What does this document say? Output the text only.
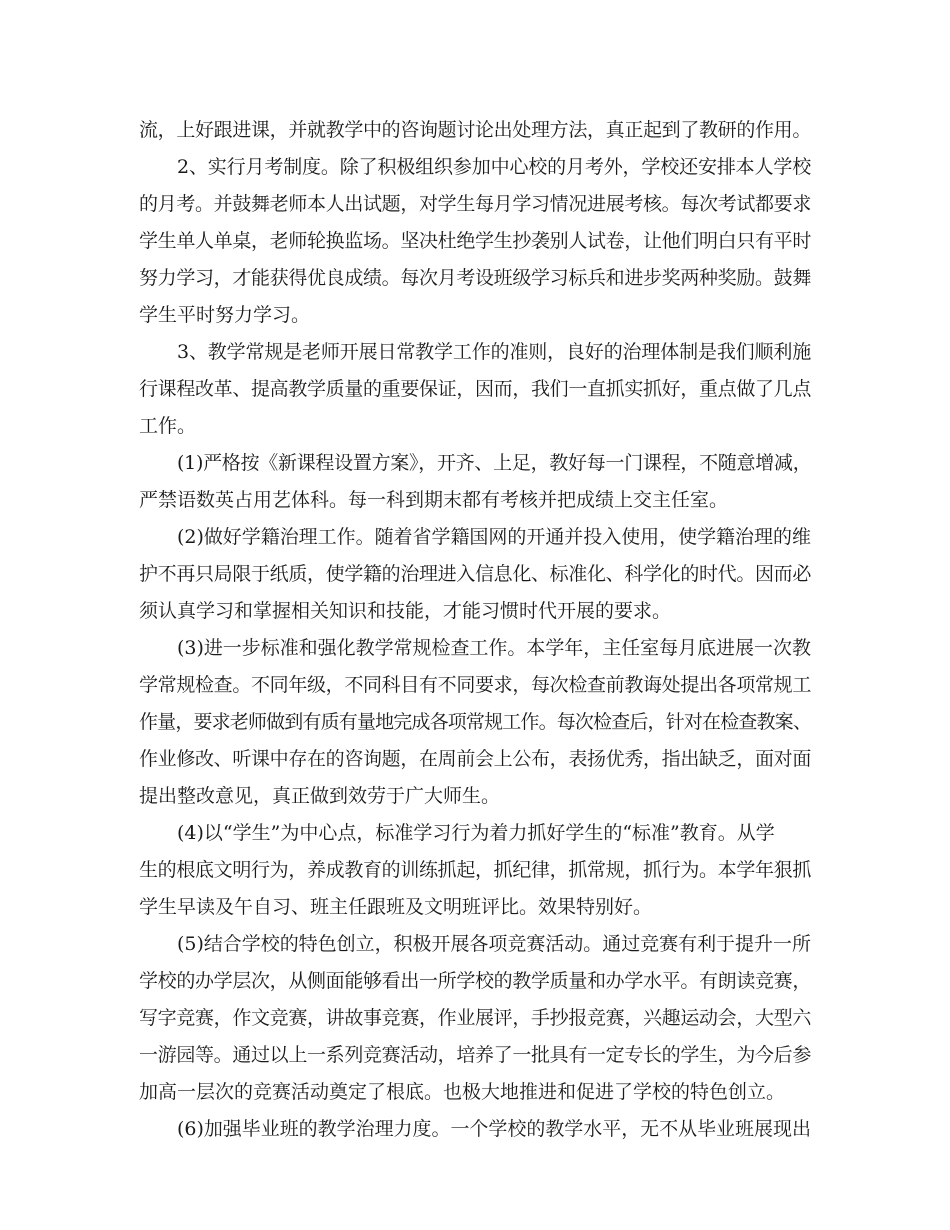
流，上好跟进课，并就教学中的咨询题讨论出处理方法，真正起到了教研的作用。
2、实行月考制度。除了积极组织参加中心校的月考外，学校还安排本人学校
的月考。并鼓舞老师本人出试题，对学生每月学习情况进展考核。每次考试都要求
学生单人单桌，老师轮换监场。坚决杜绝学生抄袭别人试卷，让他们明白只有平时
努力学习，才能获得优良成绩。每次月考设班级学习标兵和进步奖两种奖励。鼓舞
学生平时努力学习。
3、教学常规是老师开展日常教学工作的准则，良好的治理体制是我们顺利施
行课程改革、提高教学质量的重要保证，因而，我们一直抓实抓好，重点做了几点
工作。
(1)严格按《新课程设置方案》，开齐、上足，教好每一门课程，不随意增减，
严禁语数英占用艺体科。每一科到期末都有考核并把成绩上交主任室。
(2)做好学籍治理工作。随着省学籍国网的开通并投入使用，使学籍治理的维
护不再只局限于纸质，使学籍的治理进入信息化、标准化、科学化的时代。因而必
须认真学习和掌握相关知识和技能，才能习惯时代开展的要求。
(3)进一步标准和强化教学常规检查工作。本学年，主任室每月底进展一次教
学常规检查。不同年级，不同科目有不同要求，每次检查前教诲处提出各项常规工
作量，要求老师做到有质有量地完成各项常规工作。每次检查后，针对在检查教案、
作业修改、听课中存在的咨询题，在周前会上公布，表扬优秀，指出缺乏，面对面
提出整改意见，真正做到效劳于广大师生。
(4)以“学生”为中心点，标准学习行为着力抓好学生的“标准”教育。从学
生的根底文明行为，养成教育的训练抓起，抓纪律，抓常规，抓行为。本学年狠抓
学生早读及午自习、班主任跟班及文明班评比。效果特别好。
(5)结合学校的特色创立，积极开展各项竞赛活动。通过竞赛有利于提升一所
学校的办学层次，从侧面能够看出一所学校的教学质量和办学水平。有朗读竞赛，
写字竞赛，作文竞赛，讲故事竞赛，作业展评，手抄报竞赛，兴趣运动会，大型六
一游园等。通过以上一系列竞赛活动，培养了一批具有一定专长的学生，为今后参
加高一层次的竞赛活动奠定了根底。也极大地推进和促进了学校的特色创立。
(6)加强毕业班的教学治理力度。一个学校的教学水平，无不从毕业班展现出
